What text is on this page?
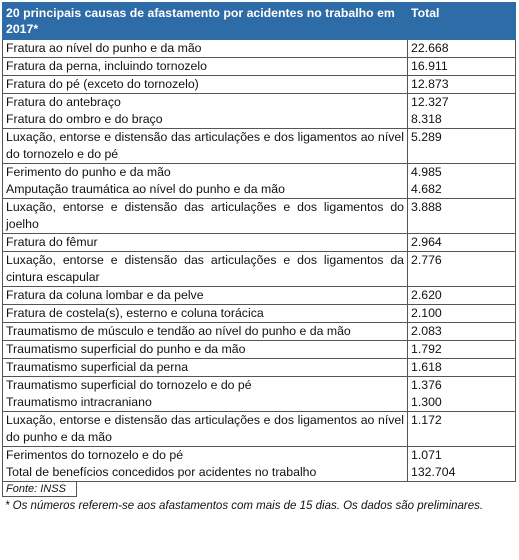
20 principais causas de afastamento por acidentes no trabalho em 2017*	Total
Fratura ao nível do punho e da mão	22.668
Fratura da perna, incluindo tornozelo	16.911
Fratura do pé (exceto do tornozelo)	12.873
Fratura do antebraço	12.327
Fratura do ombro e do braço	8.318
Luxação, entorse e distensão das articulações e dos ligamentos ao nível do tornozelo e do pé	5.289
Ferimento do punho e da mão	4.985
Amputação traumática ao nível do punho e da mão	4.682
Luxação, entorse e distensão das articulações e dos ligamentos do joelho	3.888
Fratura do fêmur	2.964
Luxação, entorse e distensão das articulações e dos ligamentos da cintura escapular	2.776
Fratura da coluna lombar e da pelve	2.620
Fratura de costela(s), esterno e coluna torácica	2.100
Traumatismo de músculo e tendão ao nível do punho e da mão	2.083
Traumatismo superficial do punho e da mão	1.792
Traumatismo superficial da perna	1.618
Traumatismo superficial do tornozelo e do pé	1.376
Traumatismo intracraniano	1.300
Luxação, entorse e distensão das articulações e dos ligamentos ao nível do punho e da mão	1.172
Ferimentos do tornozelo e do pé	1.071
Total de benefícios concedidos por acidentes no trabalho	132.704
Fonte: INSS
* Os números referem-se aos afastamentos com mais de 15 dias. Os dados são preliminares.
